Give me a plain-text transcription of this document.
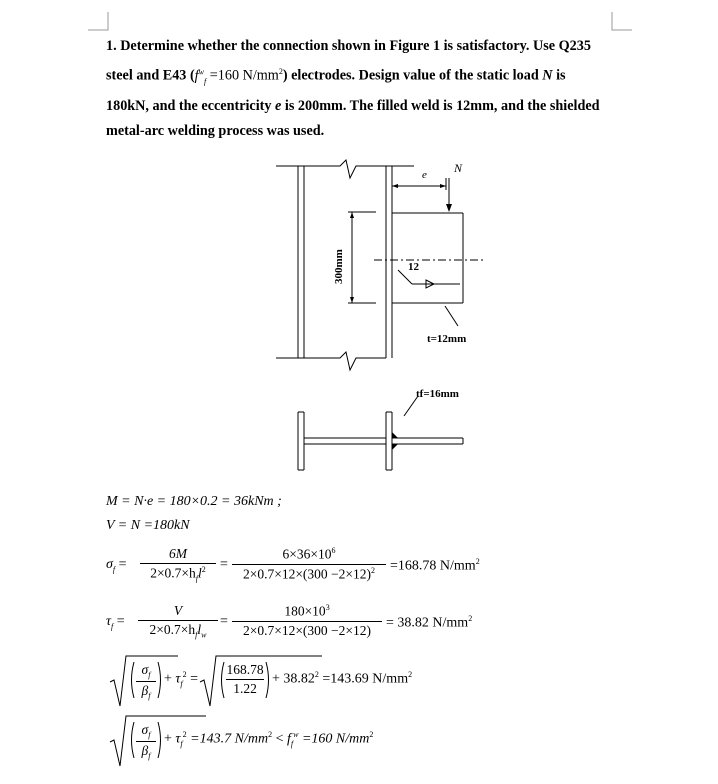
1. Determine whether the connection shown in Figure 1 is satisfactory. Use Q235
steel and E43 ($f^w_f =160$ $N/mm^2$) electrodes. Design value of the static load N is
180kN, and the eccentricity e is 200mm. The filled weld is 12mm, and the shielded
metal-arc welding process was used.
e N
300mm	12
t=12mm
tf=16mm
M = N·e = 180×0.2 = 36kNm ;
V = N =180kN
$\sigma_f$ =
6M
$2\times 0.7\times h_fl^2$	=
$6\times 36\times 10^6$
$2\times 0.7\times 12\times(300 -2\times 12)^2$	=168.78 $N/mm^2$
$\tau_f$ =
V
$2\times 0.7\times h_fl_w$
=
$180\times 10^3$
2×0.7×12×(300 −2×12)	= 38.82 $N/mm^2$
$\sigma_f$
$\beta_f$
+ $\tau_f^2$ =
168.78
1.22
+ $38.82^2 =143.69$ $N/mm^2$
$\sigma_f$
$\beta_f$
+ $\tau_f^2 =143.7$ $N/mm^2 < f_f^w =160$ $N/mm^2$
